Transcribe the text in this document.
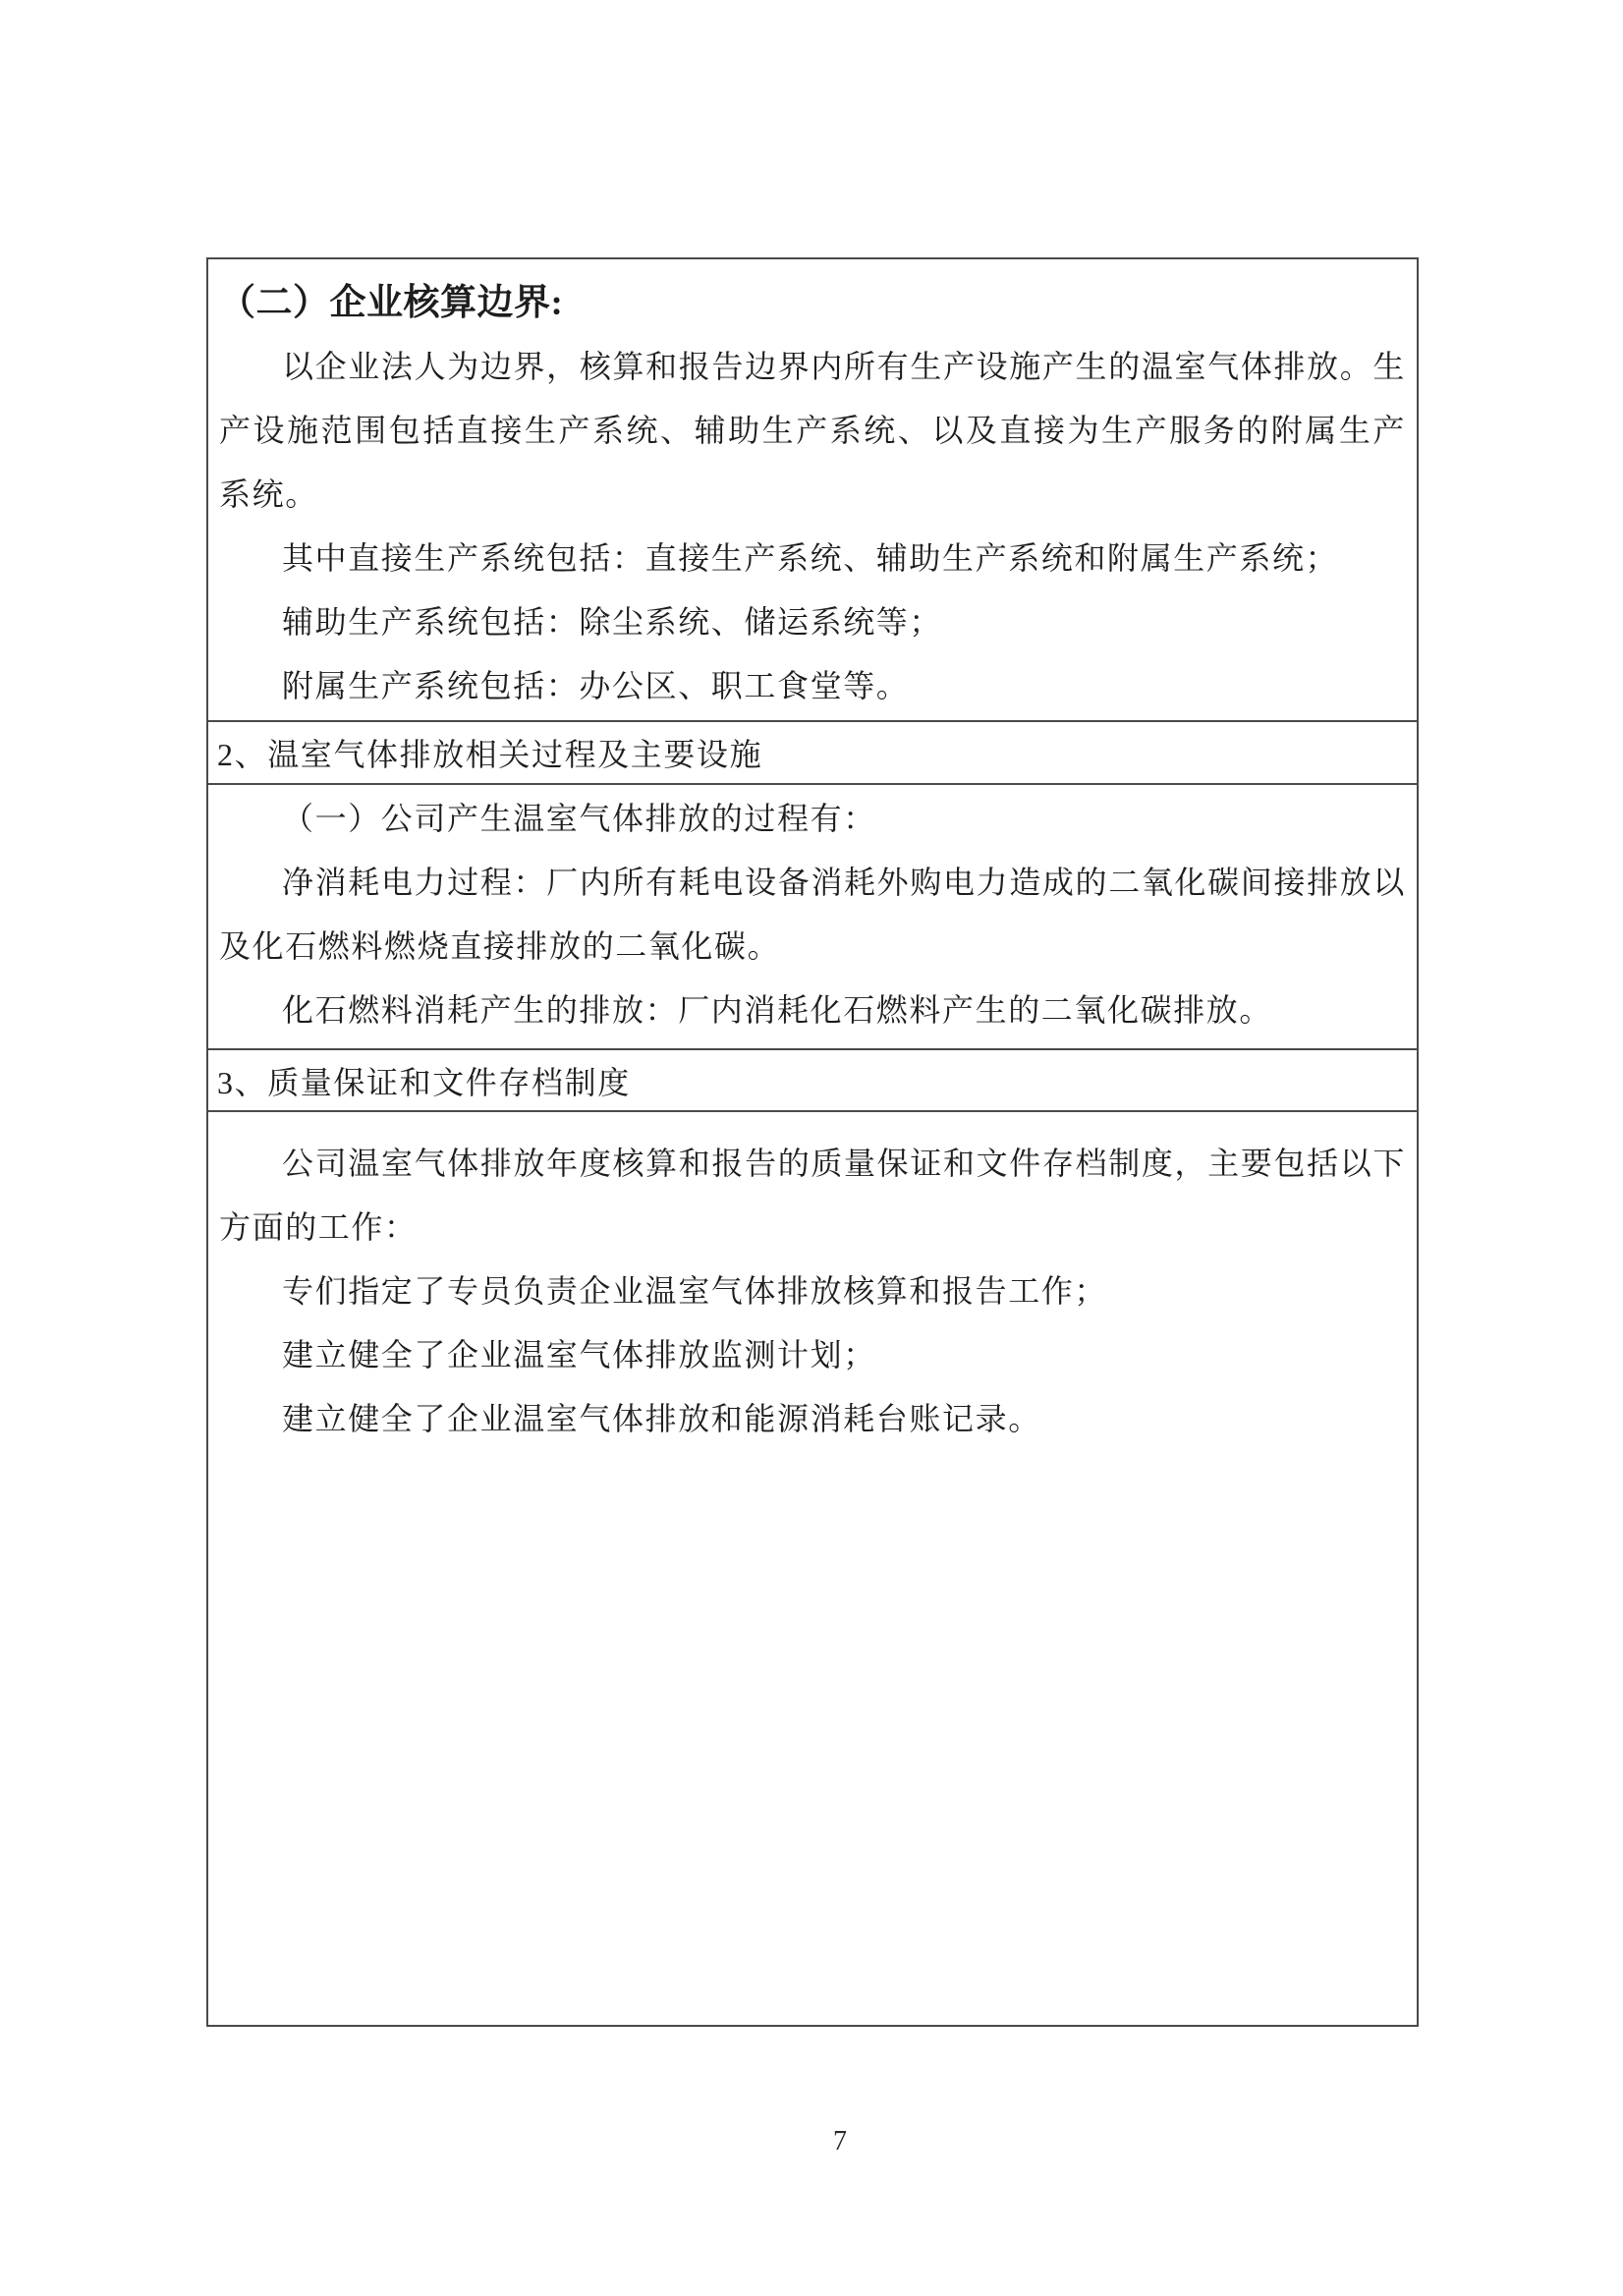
（二）企业核算边界:

以企业法人为边界，核算和报告边界内所有生产设施产生的温室气体排放。生产设施范围包括直接生产系统、辅助生产系统、以及直接为生产服务的附属生产系统。

其中直接生产系统包括：直接生产系统、辅助生产系统和附属生产系统；

辅助生产系统包括：除尘系统、储运系统等；

附属生产系统包括：办公区、职工食堂等。

2、温室气体排放相关过程及主要设施

（一）公司产生温室气体排放的过程有：

净消耗电力过程：厂内所有耗电设备消耗外购电力造成的二氧化碳间接排放以及化石燃料燃烧直接排放的二氧化碳。

化石燃料消耗产生的排放：厂内消耗化石燃料产生的二氧化碳排放。

3、质量保证和文件存档制度

公司温室气体排放年度核算和报告的质量保证和文件存档制度，主要包括以下方面的工作：

专们指定了专员负责企业温室气体排放核算和报告工作；

建立健全了企业温室气体排放监测计划；

建立健全了企业温室气体排放和能源消耗台账记录。

7
